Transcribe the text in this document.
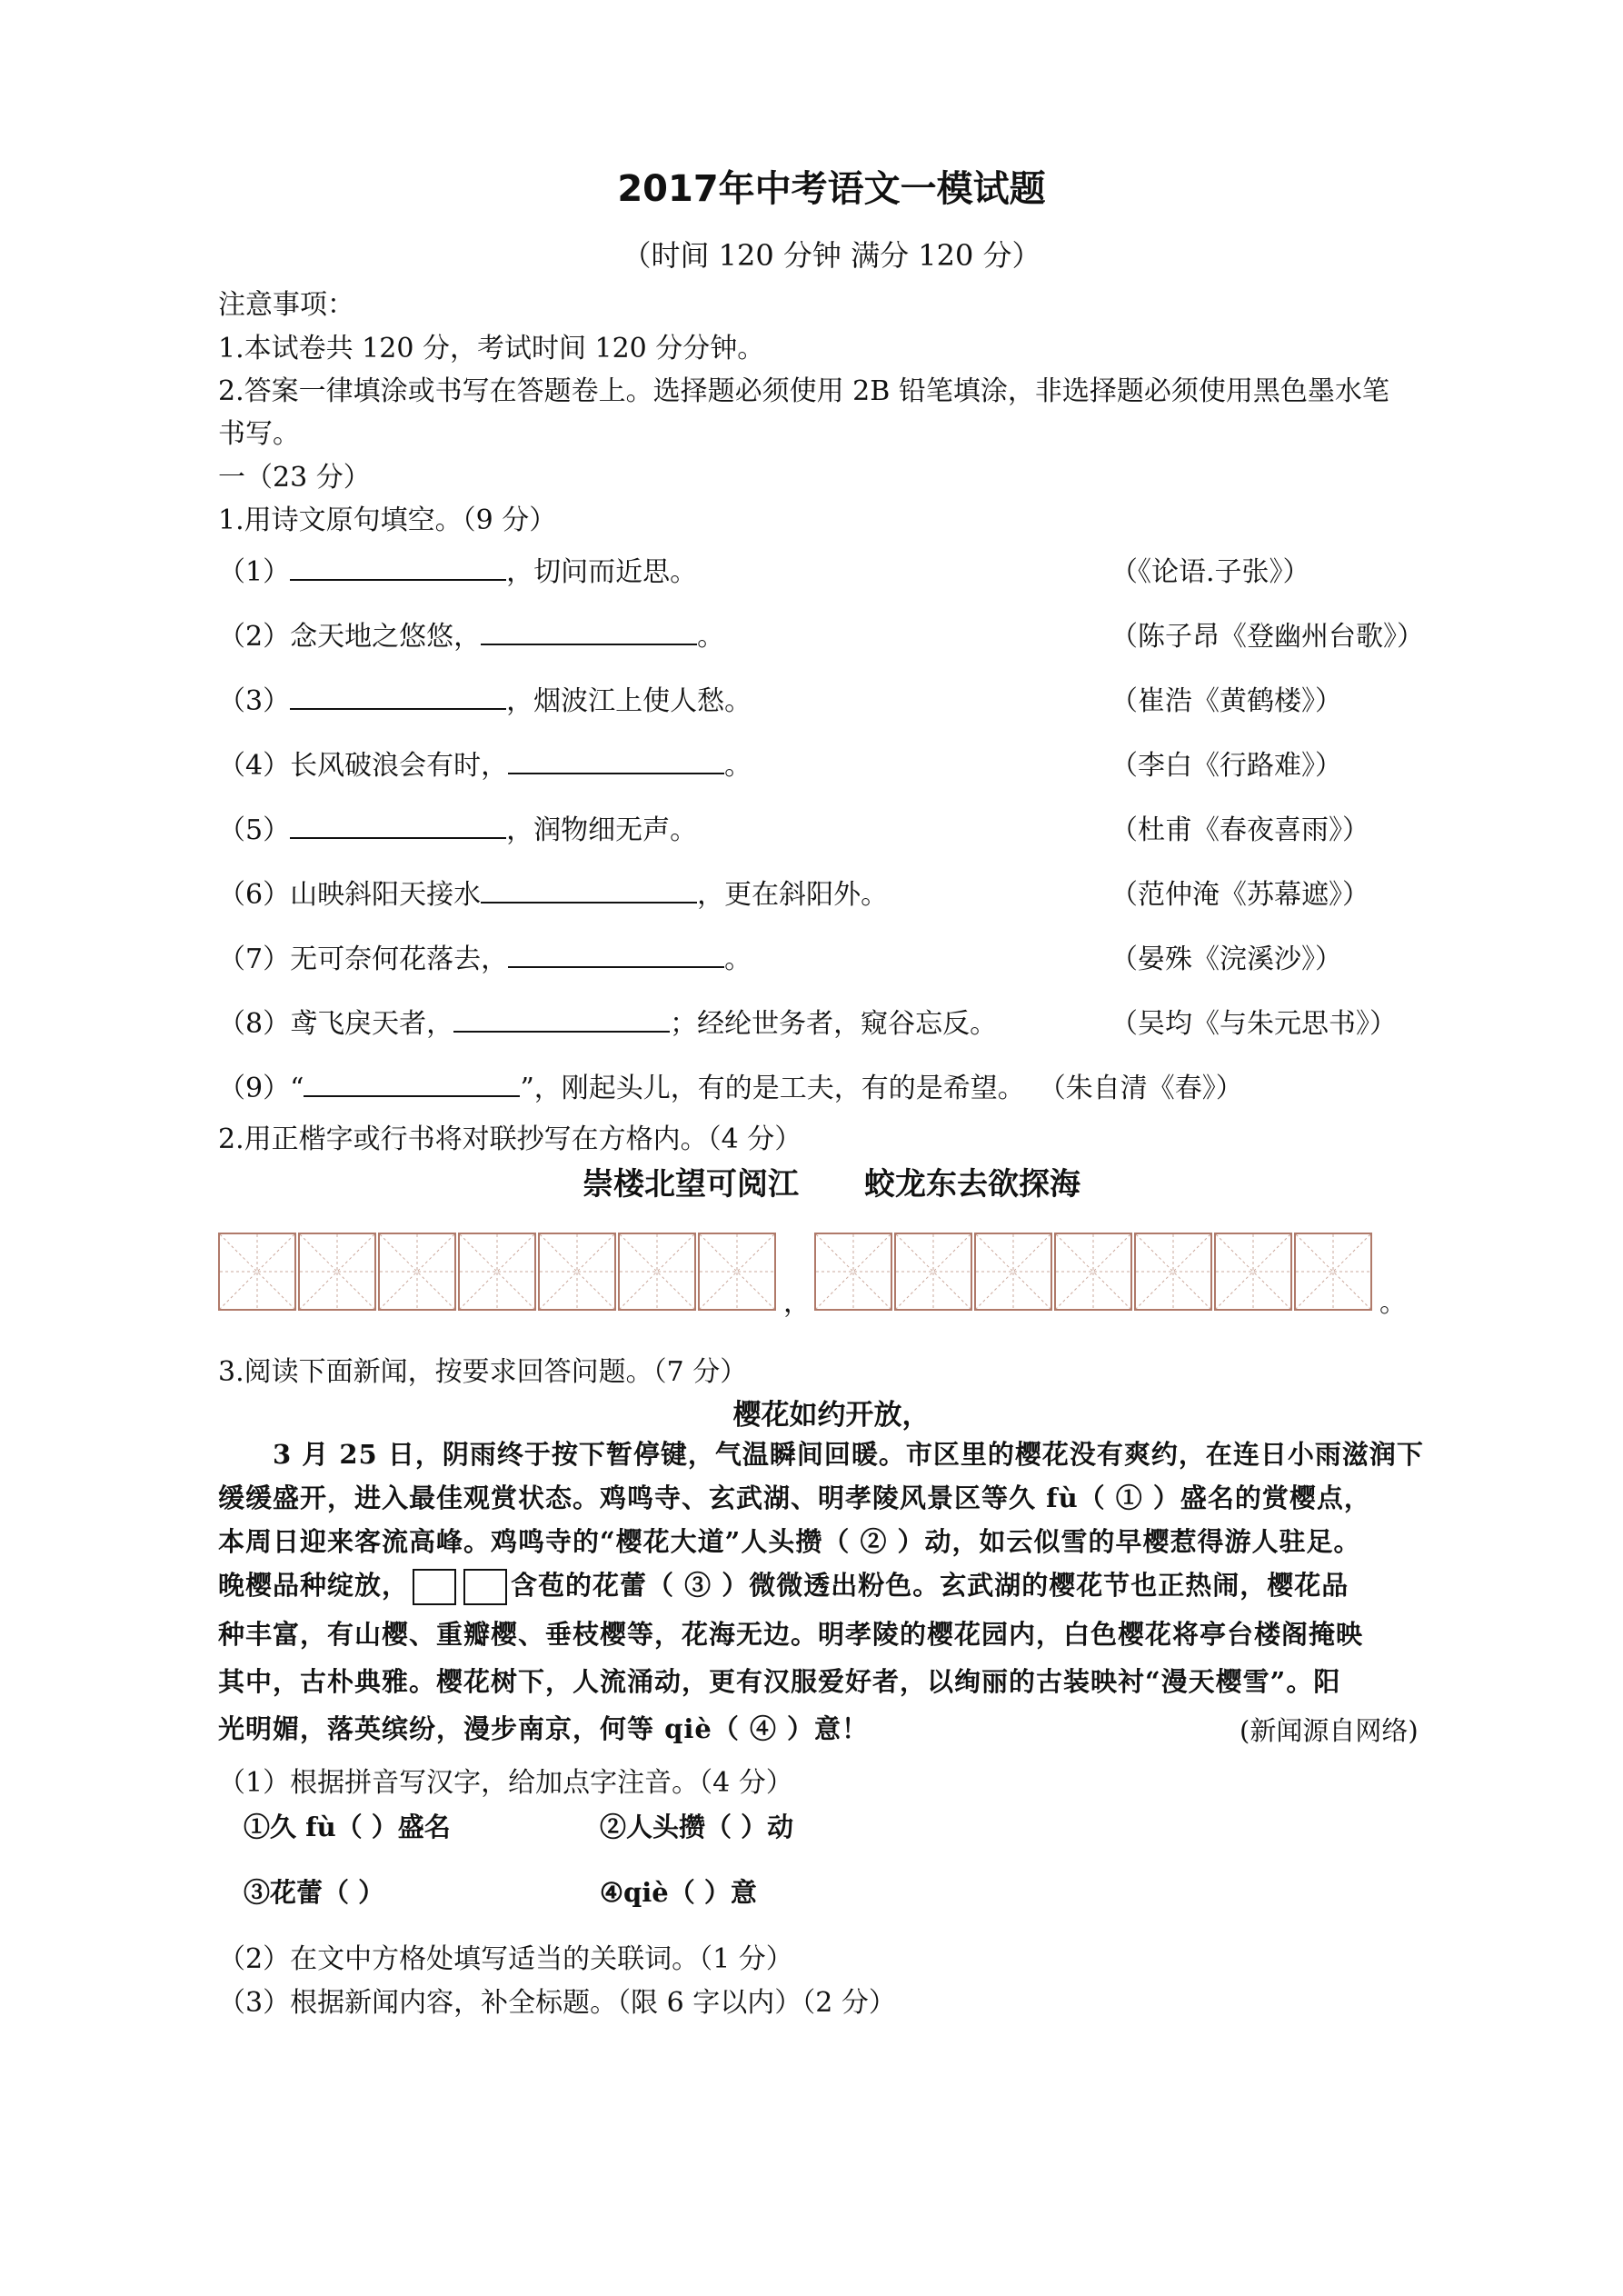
2017年中考语文一模试题
（时间 120 分钟 满分 120 分）
注意事项：
1.本试卷共 120 分，考试时间 120 分分钟。
2.答案一律填涂或书写在答题卷上。选择题必须使用 2B 铅笔填涂，非选择题必须使用黑色墨水笔
书写。
一（23 分）
1.用诗文原句填空。（9 分）
（1）	，切问而近思。	（《论语.子张》）
（2）念天地之悠悠，	。	（陈子昂《登幽州台歌》）
（3）	，烟波江上使人愁。	（崔浩《黄鹤楼》）
（4）长风破浪会有时，	。	（李白《行路难》）
（5）	，润物细无声。	（杜甫《春夜喜雨》）
（6）山映斜阳天接水	，更在斜阳外。	（范仲淹《苏幕遮》）
（7）无可奈何花落去，	。	（晏殊《浣溪沙》）
（8）鸢飞戾天者，	；经纶世务者，窥谷忘反。	（吴均《与朱元思书》）
（9）“	”，刚起头儿，有的是工夫，有的是希望。 （朱自清《春》）
2.用正楷字或行书将对联抄写在方格内。（4 分）
崇楼北望可阅江 蛟龙东去欲探海
，	。
3.阅读下面新闻，按要求回答问题。（7 分）
樱花如约开放，
3 月 25 日，阴雨终于按下暂停键，气温瞬间回暖。市区里的樱花没有爽约，在连日小雨滋润下
缓缓盛开，进入最佳观赏状态。鸡鸣寺、玄武湖、明孝陵风景区等久 fù（ ① ）盛名的赏樱点，
本周日迎来客流高峰。鸡鸣寺的“樱花大道”人头攒（ ② ）动，如云似雪的早樱惹得游人驻足。
晚樱品种绽放，	含苞的花蕾（ ③ ）微微透出粉色。玄武湖的樱花节也正热闹，樱花品
种丰富，有山樱、重瓣樱、垂枝樱等，花海无边。明孝陵的樱花园内，白色樱花将亭台楼阁掩映
其中，古朴典雅。樱花树下，人流涌动，更有汉服爱好者，以绚丽的古装映衬“漫天樱雪”。阳
光明媚，落英缤纷，漫步南京，何等 qiè（ ④ ）意！	(新闻源自网络)
（1）根据拼音写汉字，给加点字注音。（4 分）
①久 fù（ ）盛名	②人头攒（ ）动
③花蕾（ ）	④qiè（ ）意
（2）在文中方格处填写适当的关联词。（1 分）
（3）根据新闻内容，补全标题。（限 6 字以内）（2 分）
